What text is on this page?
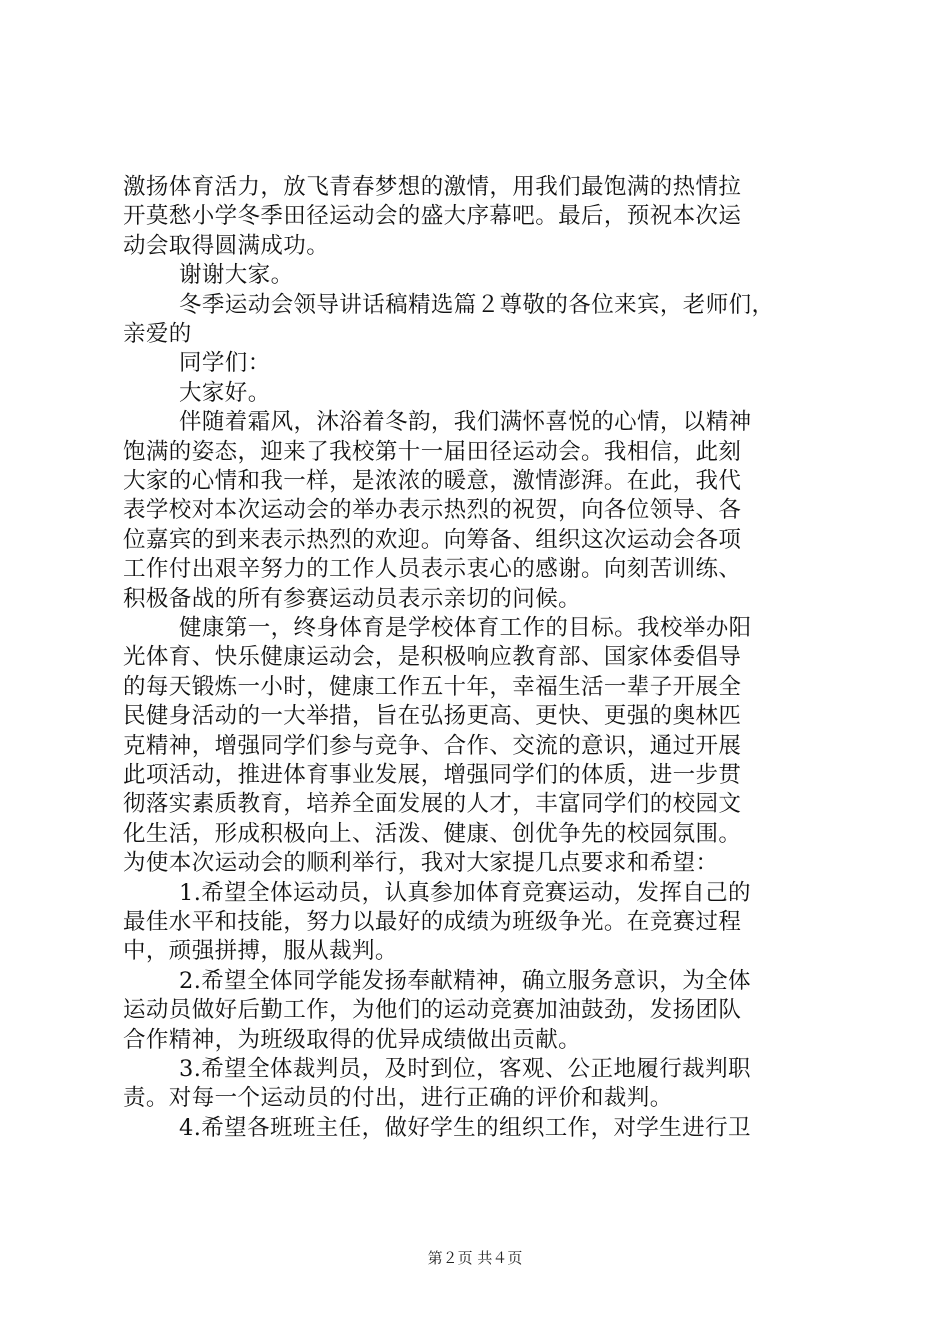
激扬体育活力，放飞青春梦想的激情，用我们最饱满的热情拉
开莫愁小学冬季田径运动会的盛大序幕吧。最后，预祝本次运
动会取得圆满成功。
谢谢大家。
冬季运动会领导讲话稿精选篇２尊敬的各位来宾，老师们，
亲爱的
同学们：
大家好。
伴随着霜风，沐浴着冬韵，我们满怀喜悦的心情，以精神
饱满的姿态，迎来了我校第十一届田径运动会。我相信，此刻
大家的心情和我一样，是浓浓的暖意，激情澎湃。在此，我代
表学校对本次运动会的举办表示热烈的祝贺，向各位领导、各
位嘉宾的到来表示热烈的欢迎。向筹备、组织这次运动会各项
工作付出艰辛努力的工作人员表示衷心的感谢。向刻苦训练、
积极备战的所有参赛运动员表示亲切的问候。
健康第一，终身体育是学校体育工作的目标。我校举办阳
光体育、快乐健康运动会，是积极响应教育部、国家体委倡导
的每天锻炼一小时，健康工作五十年，幸福生活一辈子开展全
民健身活动的一大举措，旨在弘扬更高、更快、更强的奥林匹
克精神，增强同学们参与竞争、合作、交流的意识，通过开展
此项活动，推进体育事业发展，增强同学们的体质，进一步贯
彻落实素质教育，培养全面发展的人才，丰富同学们的校园文
化生活，形成积极向上、活泼、健康、创优争先的校园氛围。
为使本次运动会的顺利举行，我对大家提几点要求和希望：
1.希望全体运动员，认真参加体育竞赛运动，发挥自己的
最佳水平和技能，努力以最好的成绩为班级争光。在竞赛过程
中，顽强拼搏，服从裁判。
2.希望全体同学能发扬奉献精神，确立服务意识，为全体
运动员做好后勤工作，为他们的运动竞赛加油鼓劲，发扬团队
合作精神，为班级取得的优异成绩做出贡献。
3.希望全体裁判员，及时到位，客观、公正地履行裁判职
责。对每一个运动员的付出，进行正确的评价和裁判。
4.希望各班班主任，做好学生的组织工作，对学生进行卫
第２页 共４页
